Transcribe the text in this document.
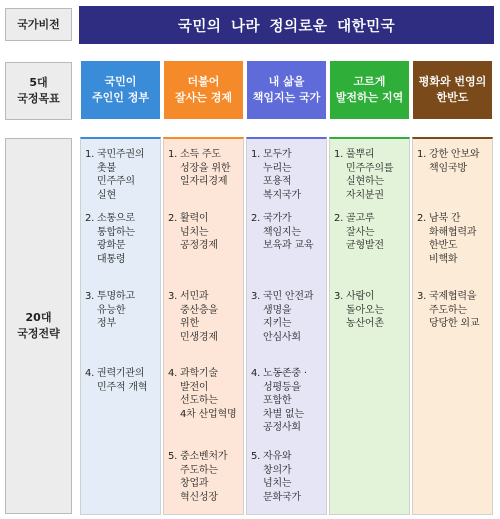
국가비전	국민의 나라 정의로운 대한민국
5대
국정목표
20대
국정전략
국민이
주인인 정부
더불어
잘사는 경제
내 삶을
책임지는 국가
고르게
발전하는 지역
평화와 번영의
한반도
1. 국민주권의
촛불
민주주의
실현
2. 소통으로
통합하는
광화문
대통령
3. 투명하고
유능한
정부
4. 권력기관의
민주적 개혁
1. 소득 주도
성장을 위한
일자리경제
2. 활력이
넘치는
공정경제
3. 서민과
중산층을
위한
민생경제
4. 과학기술
발전이
선도하는
4차 산업혁명
5. 중소벤처가
주도하는
창업과
혁신성장
1. 모두가
누리는
포용적
복지국가
2. 국가가
책임지는
보육과 교육
3. 국민 안전과
생명을
지키는
안심사회
4. 노동존중 ·
성평등을
포함한
차별 없는
공정사회
5. 자유와
창의가
넘치는
문화국가
1. 풀뿌리
민주주의를
실현하는
자치분권
2. 골고루
잘사는
균형발전
3. 사람이
돌아오는
농산어촌
1. 강한 안보와
책임국방
2. 남북 간
화해협력과
한반도
비핵화
3. 국제협력을
주도하는
당당한 외교
